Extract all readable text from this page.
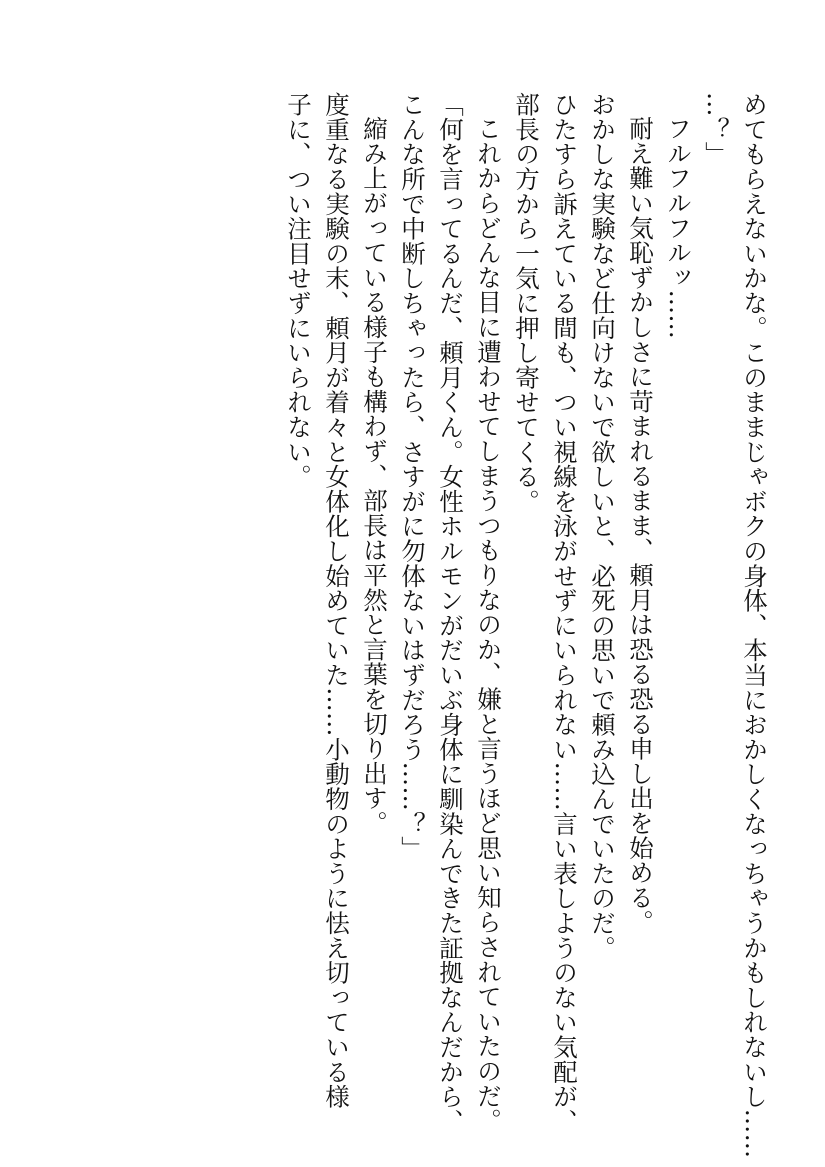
めてもらえないかな。このままじゃボクの身体、本当におかしくなっちゃうかもしれないし……
…？」
フルフルフルッ……
耐え難い気恥ずかしさに苛まれるまま、頼月は恐る恐る申し出を始める。
おかしな実験など仕向けないで欲しいと、必死の思いで頼み込んでいたのだ。
ひたすら訴えている間も、つい視線を泳がせずにいられない……言い表しようのない気配が、
部長の方から一気に押し寄せてくる。
これからどんな目に遭わせてしまうつもりなのか、嫌と言うほど思い知らされていたのだ。
「何を言ってるんだ、頼月くん。女性ホルモンがだいぶ身体に馴染んできた証拠なんだから、
こんな所で中断しちゃったら、さすがに勿体ないはずだろう……？」
縮み上がっている様子も構わず、部長は平然と言葉を切り出す。
度重なる実験の末、頼月が着々と女体化し始めていた……小動物のように怯え切っている様
子に、つい注目せずにいられない。
